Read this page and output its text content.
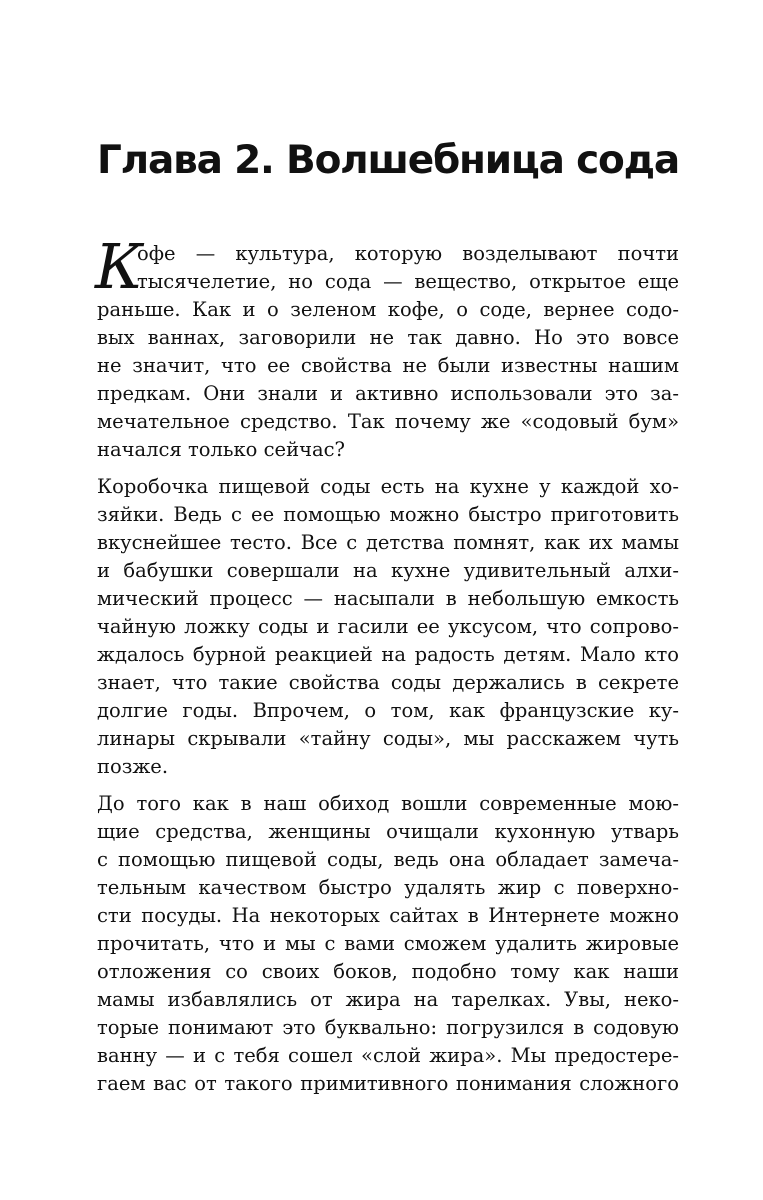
Глава 2. Волшебница сода
К
офе — культура, которую возделывают почти
тысячелетие, но сода — вещество, открытое еще
раньше. Как и о зеленом кофе, о соде, вернее содо-
вых ваннах, заговорили не так давно. Но это вовсе
не значит, что ее свойства не были известны нашим
предкам. Они знали и активно использовали это за-
мечательное средство. Так почему же «содовый бум»
начался только сейчас?
Коробочка пищевой соды есть на кухне у каждой хо-
зяйки. Ведь с ее помощью можно быстро приготовить
вкуснейшее тесто. Все с детства помнят, как их мамы
и бабушки совершали на кухне удивительный алхи-
мический процесс — насыпали в небольшую емкость
чайную ложку соды и гасили ее уксусом, что сопрово-
ждалось бурной реакцией на радость детям. Мало кто
знает, что такие свойства соды держались в секрете
долгие годы. Впрочем, о том, как французские ку-
линары скрывали «тайну соды», мы расскажем чуть
позже.
До того как в наш обиход вошли современные мою-
щие средства, женщины очищали кухонную утварь
с помощью пищевой соды, ведь она обладает замеча-
тельным качеством быстро удалять жир с поверхно-
сти посуды. На некоторых сайтах в Интернете можно
прочитать, что и мы с вами сможем удалить жировые
отложения со своих боков, подобно тому как наши
мамы избавлялись от жира на тарелках. Увы, неко-
торые понимают это буквально: погрузился в содовую
ванну — и с тебя сошел «слой жира». Мы предостере-
гаем вас от такого примитивного понимания сложного
